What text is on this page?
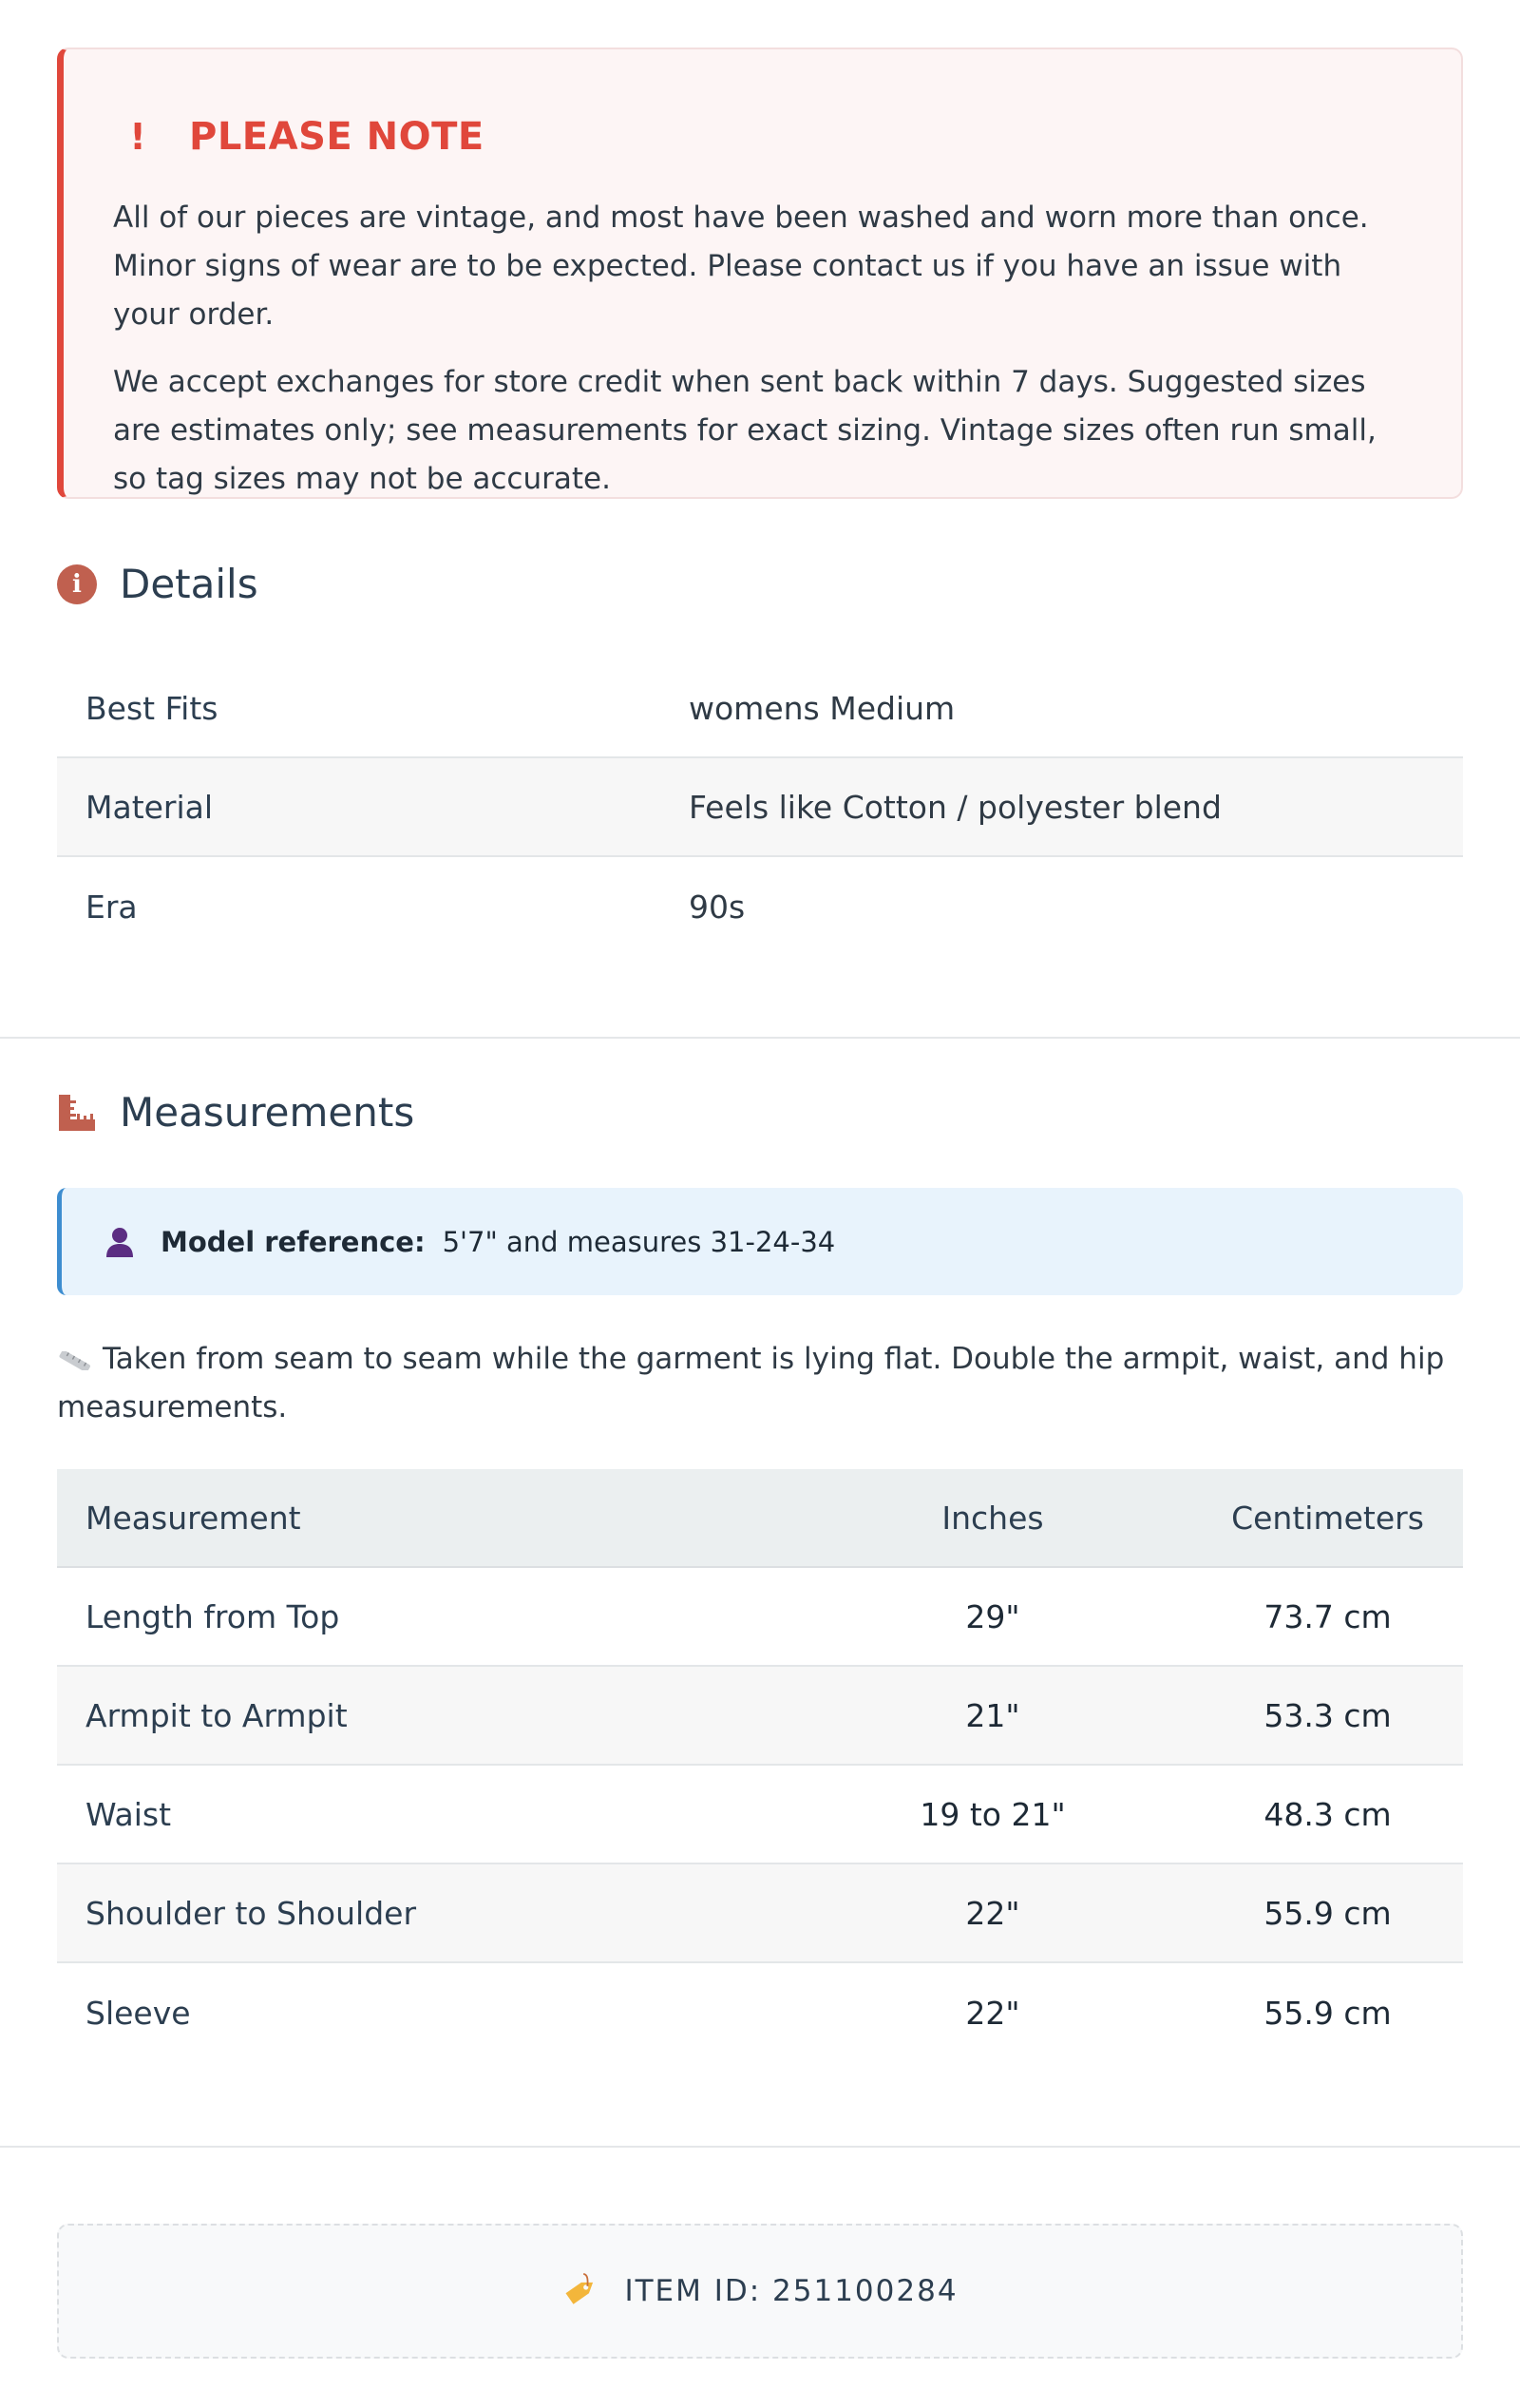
! PLEASE NOTE

All of our pieces are vintage, and most have been washed and worn more than once. Minor signs of wear are to be expected. Please contact us if you have an issue with your order.

We accept exchanges for store credit when sent back within 7 days. Suggested sizes are estimates only; see measurements for exact sizing. Vintage sizes often run small, so tag sizes may not be accurate.

i Details
Best Fits	womens Medium
Material	Feels like Cotton / polyester blend
Era	90s
Measurements
Model reference: 5'7" and measures 31-24-34
Taken from seam to seam while the garment is lying flat. Double the armpit, waist, and hip measurements.
Measurement	Inches	Centimeters
Length from Top	29"	73.7 cm
Armpit to Armpit	21"	53.3 cm
Waist	19 to 21"	48.3 cm
Shoulder to Shoulder	22"	55.9 cm
Sleeve	22"	55.9 cm
ITEM ID: 251100284
